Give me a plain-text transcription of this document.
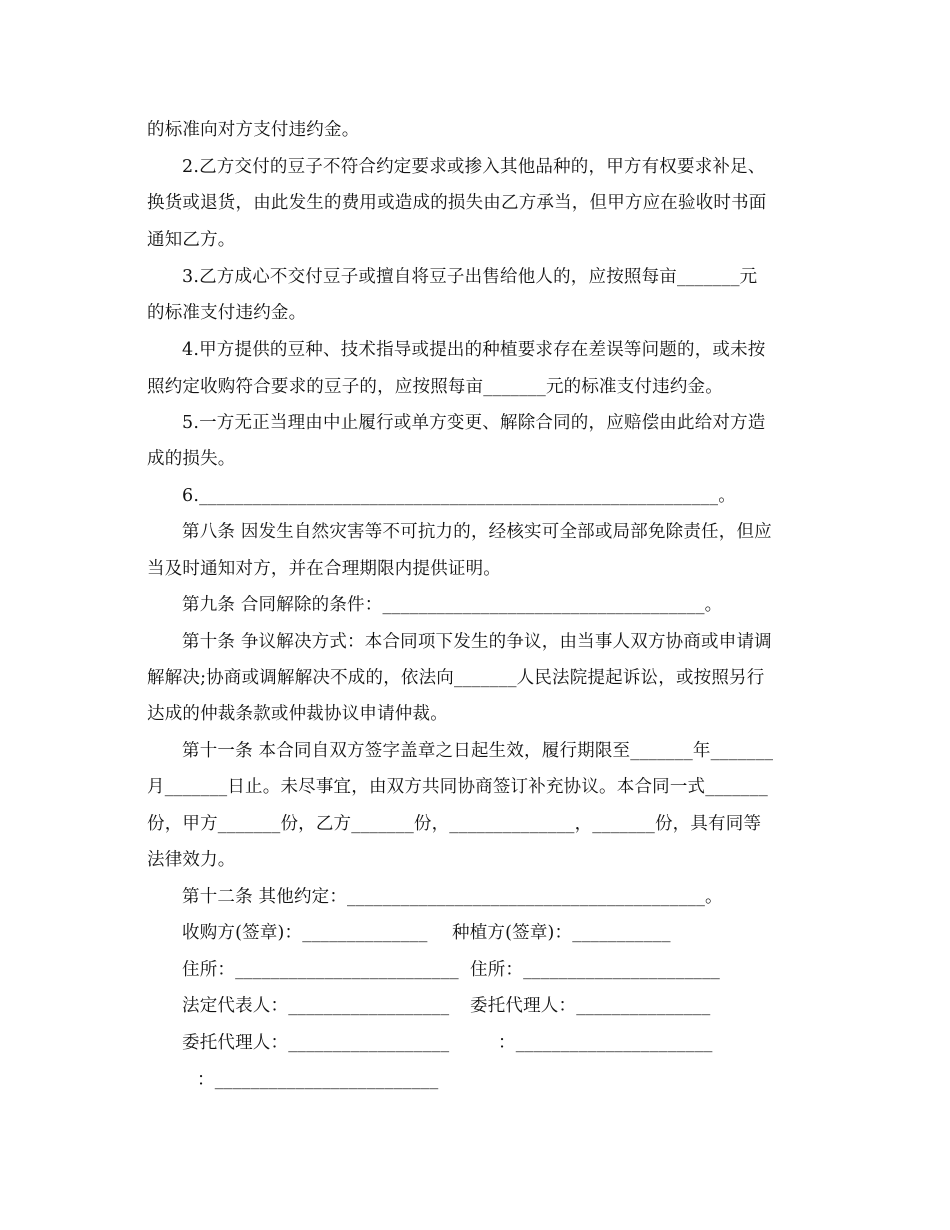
的标准向对方支付违约金。
2.乙方交付的豆子不符合约定要求或掺入其他品种的，甲方有权要求补足、
换货或退货，由此发生的费用或造成的损失由乙方承当，但甲方应在验收时书面
通知乙方。
3.乙方成心不交付豆子或擅自将豆子出售给他人的，应按照每亩_______元
的标准支付违约金。
4.甲方提供的豆种、技术指导或提出的种植要求存在差误等问题的，或未按
照约定收购符合要求的豆子的，应按照每亩_______元的标准支付违约金。
5.一方无正当理由中止履行或单方变更、解除合同的，应赔偿由此给对方造
成的损失。
6.__________________________________________________________。
第八条 因发生自然灾害等不可抗力的，经核实可全部或局部免除责任，但应
当及时通知对方，并在合理期限内提供证明。
第九条 合同解除的条件：____________________________________。
第十条 争议解决方式：本合同项下发生的争议，由当事人双方协商或申请调
解解决;协商或调解解决不成的，依法向_______人民法院提起诉讼，或按照另行
达成的仲裁条款或仲裁协议申请仲裁。
第十一条 本合同自双方签字盖章之日起生效，履行期限至_______年_______
月_______日止。未尽事宜，由双方共同协商签订补充协议。本合同一式_______
份，甲方_______份，乙方_______份，______________，_______份，具有同等
法律效力。
第十二条 其他约定：________________________________________。
收购方(签章)：______________	种植方(签章)：___________
住所：_________________________ 住所：______________________
法定代表人：__________________	委托代理人：_______________
委托代理人：__________________	：______________________
：_________________________
